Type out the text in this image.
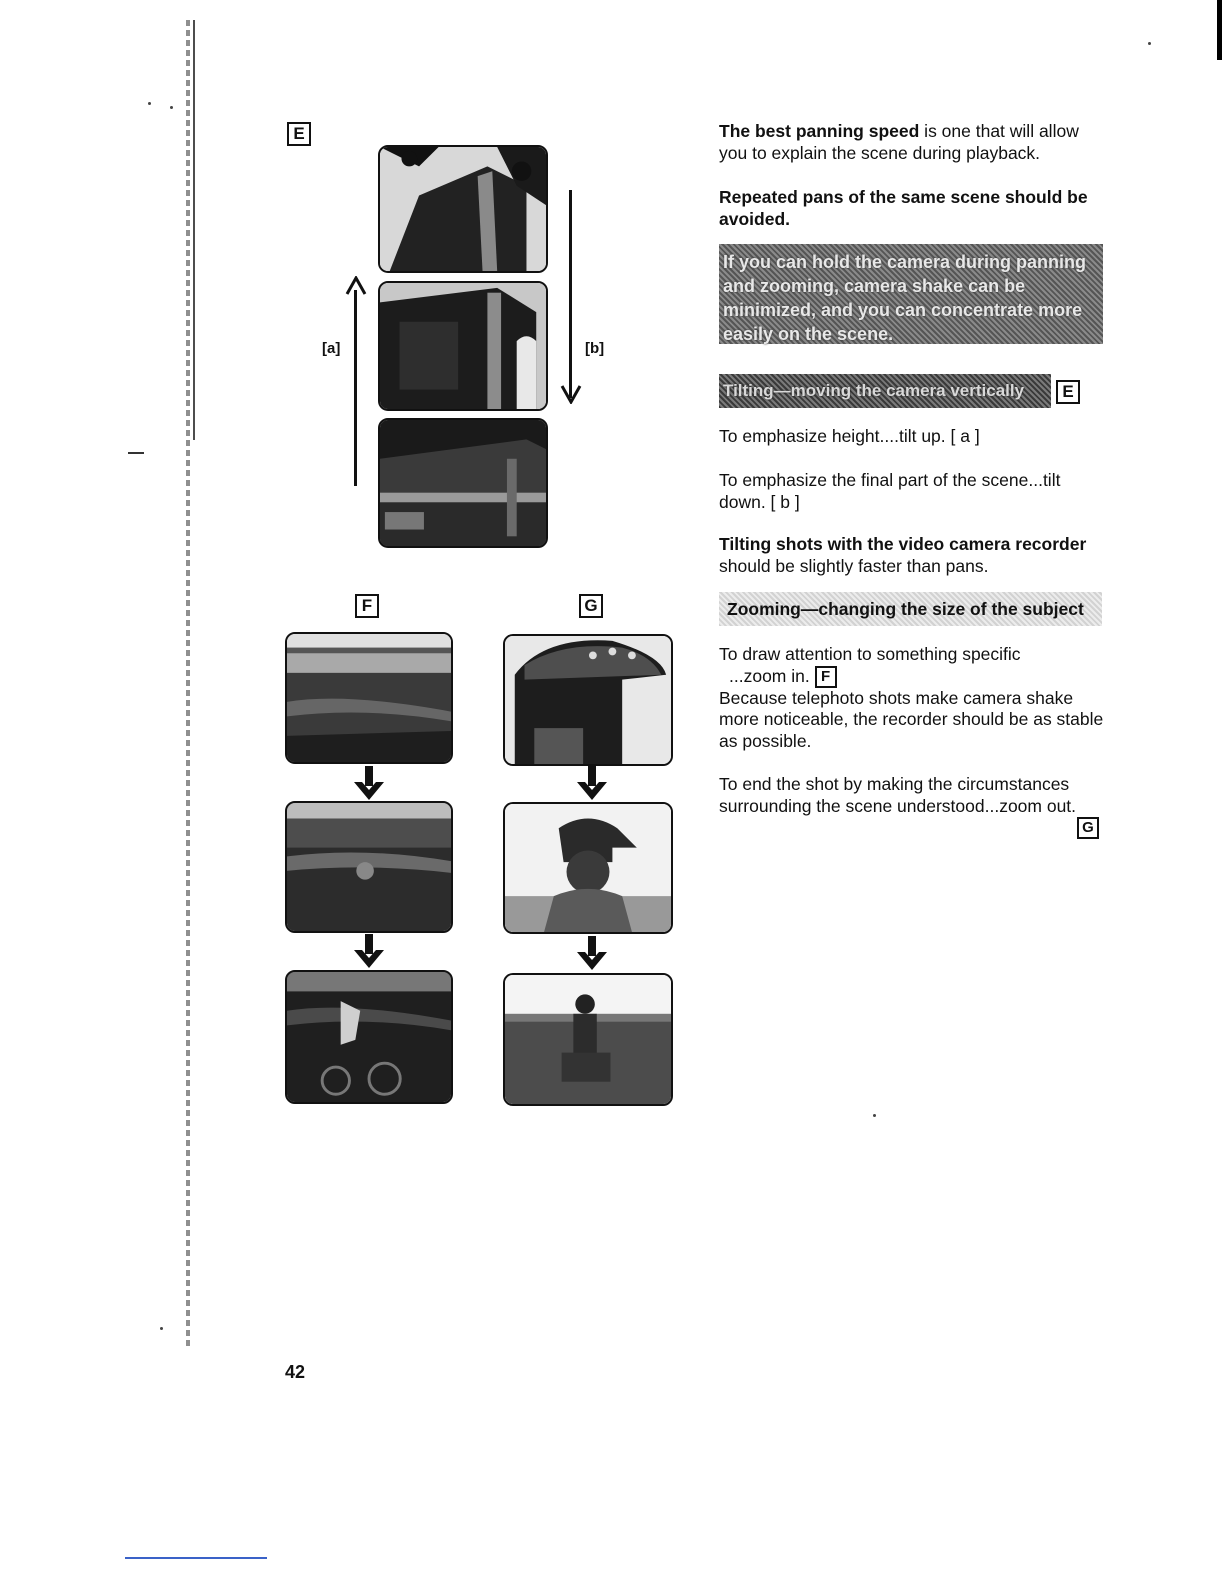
E
[a]	[b]
F	G

The best panning speed is one that will allow you to explain the scene during playback.

Repeated pans of the same scene should be avoided.

If you can hold the camera during panning and zooming, camera shake can be minimized, and you can concentrate more easily on the scene.
Tilting—moving the camera vertically	E

To emphasize height....tilt up. [ a ]

To emphasize the final part of the scene...tilt down. [ b ]

Tilting shots with the video camera recorder should be slightly faster than pans.

Zooming—changing the size of the subject

To draw attention to something specific

...zoom in. F

Because telephoto shots make camera shake more noticeable, the recorder should be as stable as possible.

To end the shot by making the circumstances surrounding the scene understood...zoom out.

G

42
